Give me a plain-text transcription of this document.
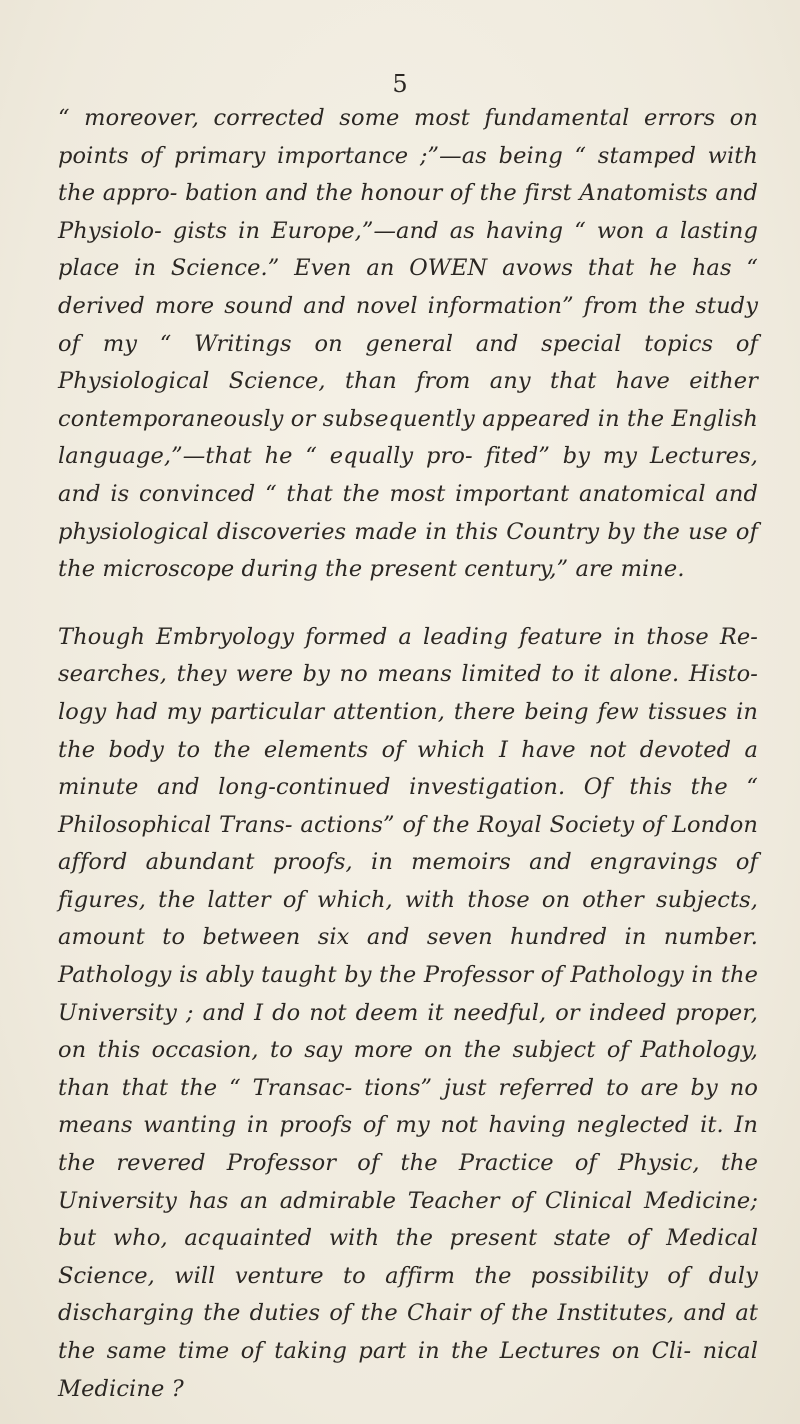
5

“ moreover, corrected some most fundamental errors on points of primary importance ;”—as being “ stamped with the appro- bation and the honour of the first Anatomists and Physiolo- gists in Europe,”—and as having “ won a lasting place in Science.” Even an OWEN avows that he has “ derived more sound and novel information” from the study of my “ Writings on general and special topics of Physiological Science, than from any that have either contemporaneously or subsequently appeared in the English language,”—that he “ equally pro- fited” by my Lectures, and is convinced “ that the most important anatomical and physiological discoveries made in this Country by the use of the microscope during the present century,” are mine.

Though Embryology formed a leading feature in those Re- searches, they were by no means limited to it alone. Histo- logy had my particular attention, there being few tissues in the body to the elements of which I have not devoted a minute and long-continued investigation. Of this the “ Philosophical Trans- actions” of the Royal Society of London afford abundant proofs, in memoirs and engravings of figures, the latter of which, with those on other subjects, amount to between six and seven hundred in number. Pathology is ably taught by the Professor of Pathology in the University ; and I do not deem it needful, or indeed proper, on this occasion, to say more on the subject of Pathology, than that the “ Transac- tions” just referred to are by no means wanting in proofs of my not having neglected it. In the revered Professor of the Practice of Physic, the University has an admirable Teacher of Clinical Medicine; but who, acquainted with the present state of Medical Science, will venture to affirm the possibility of duly discharging the duties of the Chair of the Institutes, and at the same time of taking part in the Lectures on Cli- nical Medicine ?
